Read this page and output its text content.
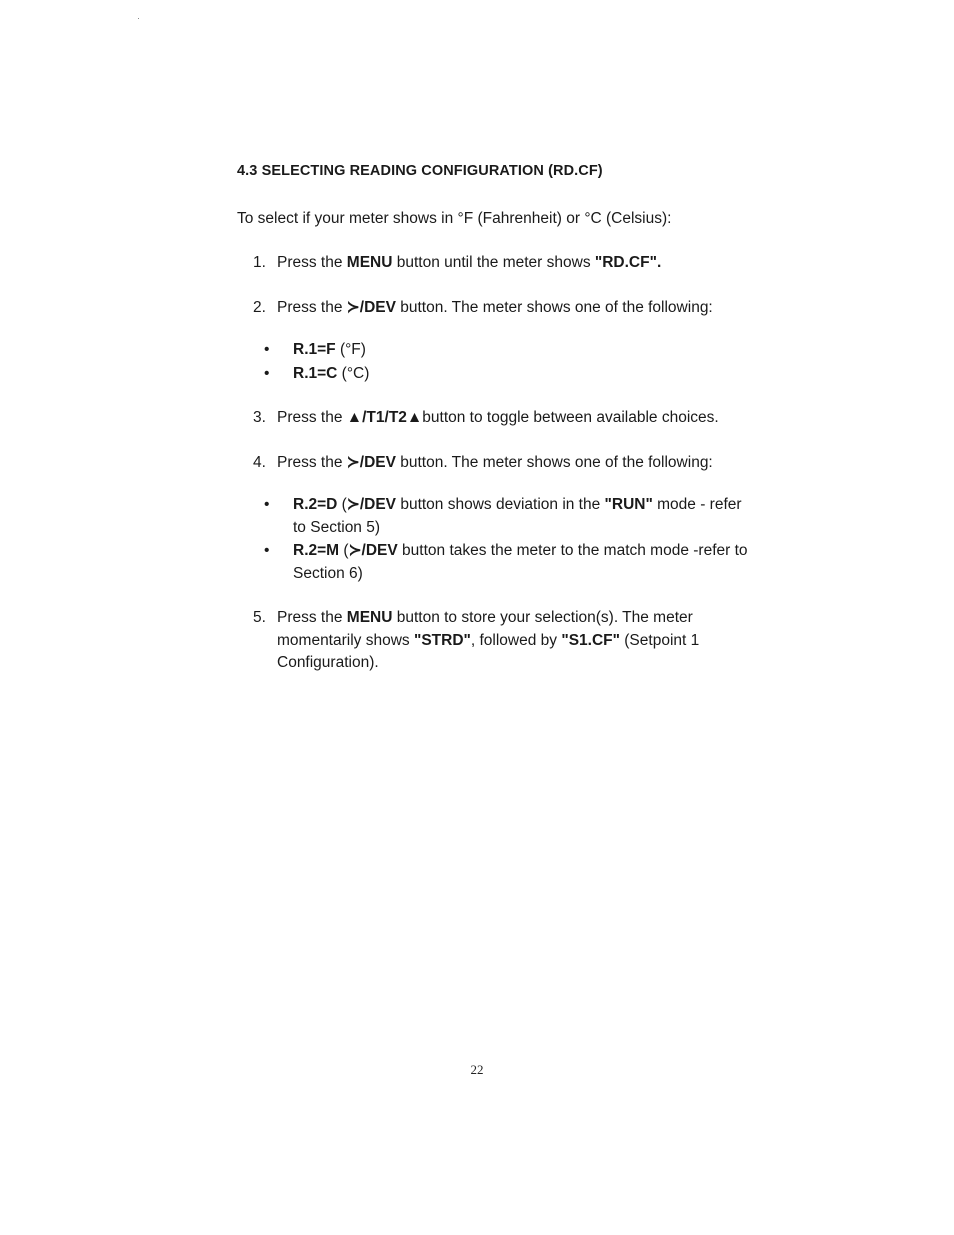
4.3 SELECTING READING CONFIGURATION (RD.CF)
To select if your meter shows in °F (Fahrenheit) or °C (Celsius):
1. Press the MENU button until the meter shows "RD.CF".
2. Press the ≻/DEV button. The meter shows one of the following:
• R.1=F (°F)
• R.1=C (°C)
3. Press the ▲/T1/T2▲button to toggle between available choices.
4. Press the ≻/DEV button. The meter shows one of the following:
• R.2=D (≻/DEV button shows deviation in the "RUN" mode - refer to Section 5)
• R.2=M (≻/DEV button takes the meter to the match mode -refer to Section 6)
5. Press the MENU button to store your selection(s). The meter momentarily shows "STRD", followed by "S1.CF" (Setpoint 1 Configuration).
22
